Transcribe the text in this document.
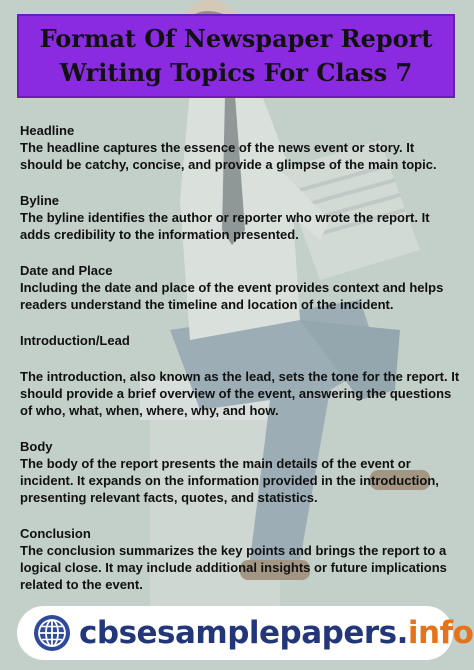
Format Of Newspaper Report
Writing Topics For Class 7
Headline
The headline captures the essence of the news event or story. It should be catchy, concise, and provide a glimpse of the main topic.
Byline
The byline identifies the author or reporter who wrote the report. It adds credibility to the information presented.
Date and Place
Including the date and place of the event provides context and helps readers understand the timeline and location of the incident.
Introduction/Lead
The introduction, also known as the lead, sets the tone for the report. It should provide a brief overview of the event, answering the questions of who, what, when, where, why, and how.
Body
The body of the report presents the main details of the event or incident. It expands on the information provided in the introduction, presenting relevant facts, quotes, and statistics.
Conclusion
The conclusion summarizes the key points and brings the report to a logical close. It may include additional insights or future implications related to the event.
cbsesamplepapers.info
